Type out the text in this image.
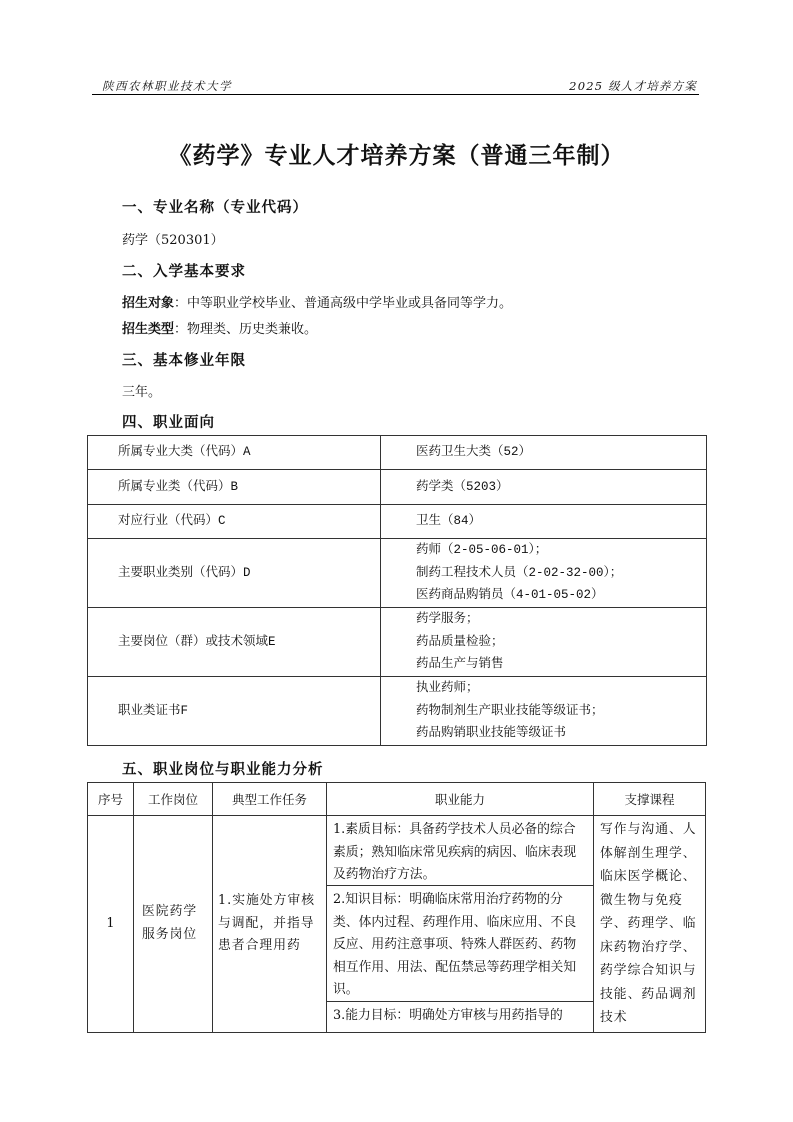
陕西农林职业技术大学	2025 级人才培养方案
《药学》专业人才培养方案（普通三年制）
一、专业名称（专业代码）
药学（520301）
二、入学基本要求
招生对象：中等职业学校毕业、普通高级中学毕业或具备同等学力。
招生类型：物理类、历史类兼收。
三、基本修业年限
三年。
四、职业面向
所属专业大类（代码）A	医药卫生大类（52）
所属专业类（代码）B	药学类（5203）
对应行业（代码）C	卫生（84）
主要职业类别（代码）D	药师（2-05-06-01）；
制药工程技术人员（2-02-32-00）；
医药商品购销员（4-01-05-02）

主要岗位（群）或技术领域E	药学服务；
药品质量检验；
药品生产与销售

职业类证书F	执业药师；
药物制剂生产职业技能等级证书；
药品购销职业技能等级证书
五、职业岗位与职业能力分析
序号	工作岗位	典型工作任务	职业能力	支撑课程
1	医院药学服务岗位	1.实施处方审核与调配，并指导患者合理用药	1.素质目标：具备药学技术人员必备的综合素质；熟知临床常见疾病的病因、临床表现及药物治疗方法。
2.知识目标：明确临床常用治疗药物的分类、体内过程、药理作用、临床应用、不良反应、用药注意事项、特殊人群医药、药物相互作用、用法、配伍禁忌等药理学相关知识。
3.能力目标：明确处方审核与用药指导的	写作与沟通、人体解剖生理学、临床医学概论、微生物与免疫学、药理学、临床药物治疗学、药学综合知识与技能、药品调剂技术
